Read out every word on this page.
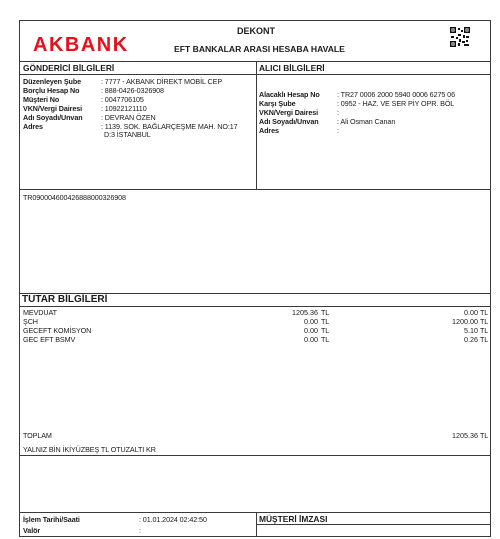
AKBANK
DEKONT
EFT BANKALAR ARASI HESABA HAVALE
GÖNDERİCİ BİLGİLERİ
Düzenleyen Şube	: 7777 - AKBANK DİREKT MOBİL CEP
Borçlu Hesap No	: 888-0426-0326908
Müşteri No	: 0047706105
VKN/Vergi Dairesi	: 10922121110
Adı Soyadı/Unvan	: DEVRAN ÖZEN
Adres	: 1139. SOK. BAĞLARÇEŞME MAH. NO:17
D:3 İSTANBUL
ALICI BİLGİLERİ
Alacaklı Hesap No : TR27 0006 2000 5940 0006 6275 06
Karşı Şube	: 0952 - HAZ. VE SER PİY OPR. BÖL
VKN/Vergi Dairesi	:
Adı Soyadı/Unvan	: Ali Osman Canan
Adres	:
TR090004600426888000326908
TUTAR BİLGİLERİ
MEVDUAT	1205.36 TL	0.00 TL
ŞCH	0.00 TL	1200.00 TL
GECEFT KOMİSYON	0.00 TL	5.10 TL
GEC EFT BSMV	0.00 TL	0.26 TL
TOPLAM	1205.36 TL
YALNIZ BİN İKİYÜZBEŞ TL OTUZALTI KR
İşlem Tarihi/Saati	: 01.01.2024 02:42:50
Valör	:
MÜŞTERİ İMZASI
